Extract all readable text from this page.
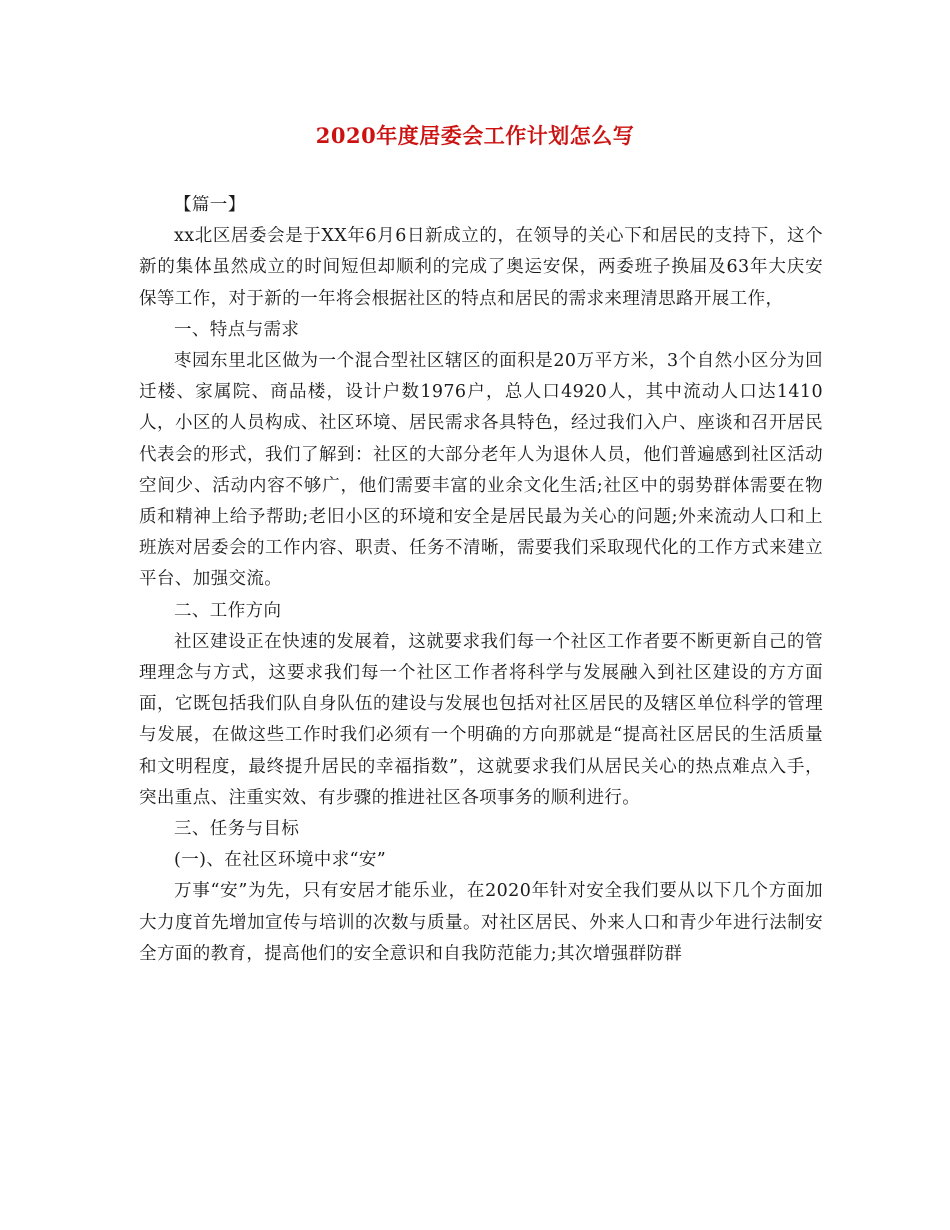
2020年度居委会工作计划怎么写

【篇一】

xx北区居委会是于XX年6月6日新成立的，在领导的关心下和居民的支持下，这个新的集体虽然成立的时间短但却顺利的完成了奥运安保，两委班子换届及63年大庆安保等工作，对于新的一年将会根据社区的特点和居民的需求来理清思路开展工作，

一、特点与需求

枣园东里北区做为一个混合型社区辖区的面积是20万平方米，3个自然小区分为回迁楼、家属院、商品楼，设计户数1976户，总人口4920人，其中流动人口达1410人，小区的人员构成、社区环境、居民需求各具特色，经过我们入户、座谈和召开居民代表会的形式，我们了解到：社区的大部分老年人为退休人员，他们普遍感到社区活动空间少、活动内容不够广，他们需要丰富的业余文化生活;社区中的弱势群体需要在物质和精神上给予帮助;老旧小区的环境和安全是居民最为关心的问题;外来流动人口和上班族对居委会的工作内容、职责、任务不清晰，需要我们采取现代化的工作方式来建立平台、加强交流。

二、工作方向

社区建设正在快速的发展着，这就要求我们每一个社区工作者要不断更新自己的管理理念与方式，这要求我们每一个社区工作者将科学与发展融入到社区建设的方方面面，它既包括我们队自身队伍的建设与发展也包括对社区居民的及辖区单位科学的管理与发展，在做这些工作时我们必须有一个明确的方向那就是“提高社区居民的生活质量和文明程度，最终提升居民的幸福指数”，这就要求我们从居民关心的热点难点入手，突出重点、注重实效、有步骤的推进社区各项事务的顺利进行。

三、任务与目标

(一)、在社区环境中求“安”

万事“安”为先，只有安居才能乐业，在2020年针对安全我们要从以下几个方面加大力度首先增加宣传与培训的次数与质量。对社区居民、外来人口和青少年进行法制安全方面的教育，提高他们的安全意识和自我防范能力;其次增强群防群
